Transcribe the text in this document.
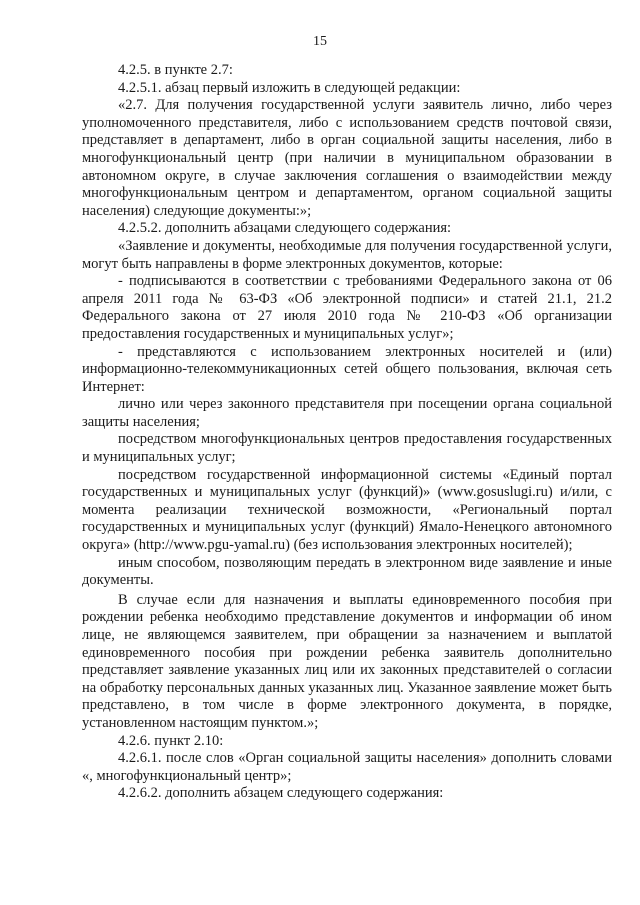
15

4.2.5. в пункте 2.7:

4.2.5.1. абзац первый изложить в следующей редакции:

«2.7. Для получения государственной услуги заявитель лично, либо через уполномоченного представителя, либо с использованием средств почтовой связи, представляет в департамент, либо в орган социальной защиты населения, либо в многофункциональный центр (при наличии в муниципальном образовании в автономном округе, в случае заключения соглашения о взаимодействии между многофункциональным центром и департаментом, органом социальной защиты населения) следующие документы:»;

4.2.5.2. дополнить абзацами следующего содержания:

«Заявление и документы, необходимые для получения государственной услуги, могут быть направлены в форме электронных документов, которые:

- подписываются в соответствии с требованиями Федерального закона от 06 апреля 2011 года № 63-ФЗ «Об электронной подписи» и статей 21.1, 21.2 Федерального закона от 27 июля 2010 года № 210-ФЗ «Об организации предоставления государственных и муниципальных услуг»;

- представляются с использованием электронных носителей и (или) информационно-телекоммуникационных сетей общего пользования, включая сеть Интернет:

лично или через законного представителя при посещении органа социальной защиты населения;

посредством многофункциональных центров предоставления государственных и муниципальных услуг;

посредством государственной информационной системы «Единый портал государственных и муниципальных услуг (функций)» (www.gosuslugi.ru) и/или, с момента реализации технической возможности, «Региональный портал государственных и муниципальных услуг (функций) Ямало-Ненецкого автономного округа» (http://www.pgu-yamal.ru) (без использования электронных носителей);

иным способом, позволяющим передать в электронном виде заявление и иные документы.

В случае если для назначения и выплаты единовременного пособия при рождении ребенка необходимо представление документов и информации об ином лице, не являющемся заявителем, при обращении за назначением и выплатой единовременного пособия при рождении ребенка заявитель дополнительно представляет заявление указанных лиц или их законных представителей о согласии на обработку персональных данных указанных лиц. Указанное заявление может быть представлено, в том числе в форме электронного документа, в порядке, установленном настоящим пунктом.»;

4.2.6. пункт 2.10:

4.2.6.1. после слов «Орган социальной защиты населения» дополнить словами «, многофункциональный центр»;

4.2.6.2. дополнить абзацем следующего содержания:
